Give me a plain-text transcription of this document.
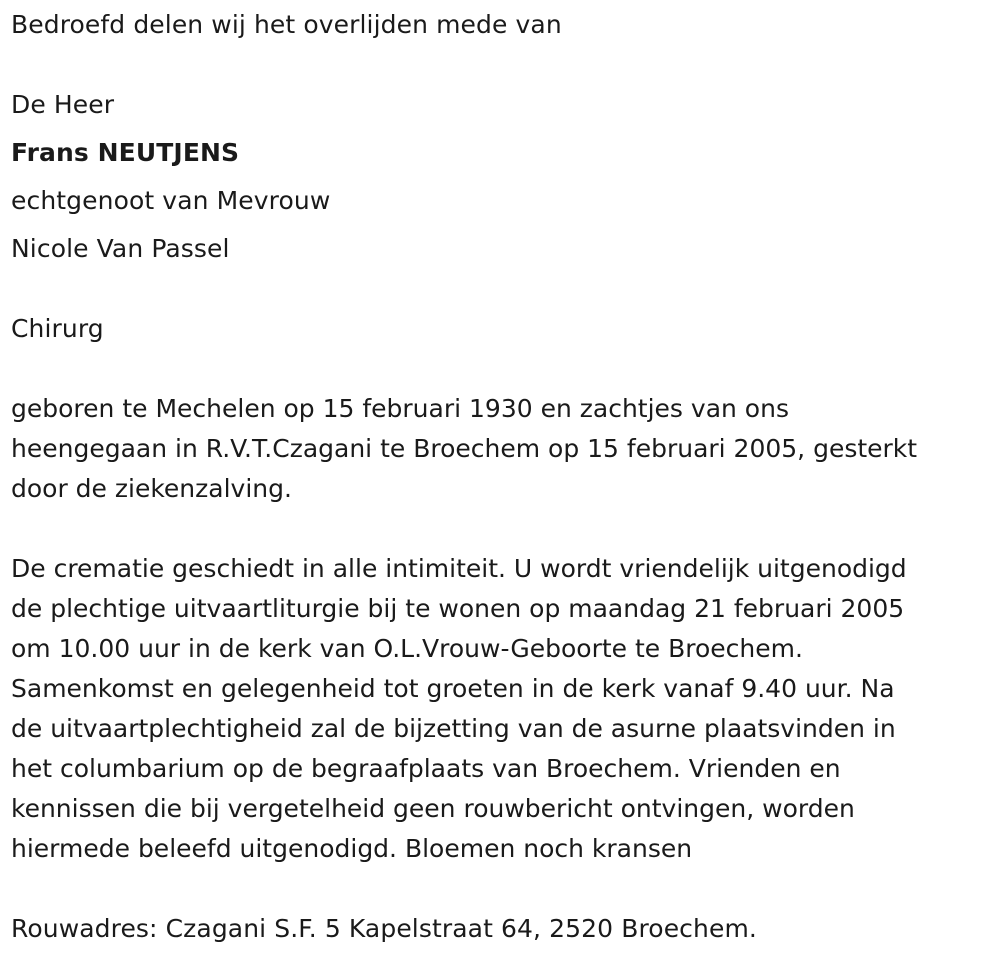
Bedroefd delen wij het overlijden mede van
De Heer
Frans NEUTJENS
echtgenoot van Mevrouw
Nicole Van Passel
Chirurg
geboren te Mechelen op 15 februari 1930 en zachtjes van ons
heengegaan in R.V.T.Czagani te Broechem op 15 februari 2005, gesterkt
door de ziekenzalving.
De crematie geschiedt in alle intimiteit. U wordt vriendelijk uitgenodigd
de plechtige uitvaartliturgie bij te wonen op maandag 21 februari 2005
om 10.00 uur in de kerk van O.L.Vrouw-Geboorte te Broechem.
Samenkomst en gelegenheid tot groeten in de kerk vanaf 9.40 uur. Na
de uitvaartplechtigheid zal de bijzetting van de asurne plaatsvinden in
het columbarium op de begraafplaats van Broechem. Vrienden en
kennissen die bij vergetelheid geen rouwbericht ontvingen, worden
hiermede beleefd uitgenodigd. Bloemen noch kransen
Rouwadres: Czagani S.F. 5 Kapelstraat 64, 2520 Broechem.
